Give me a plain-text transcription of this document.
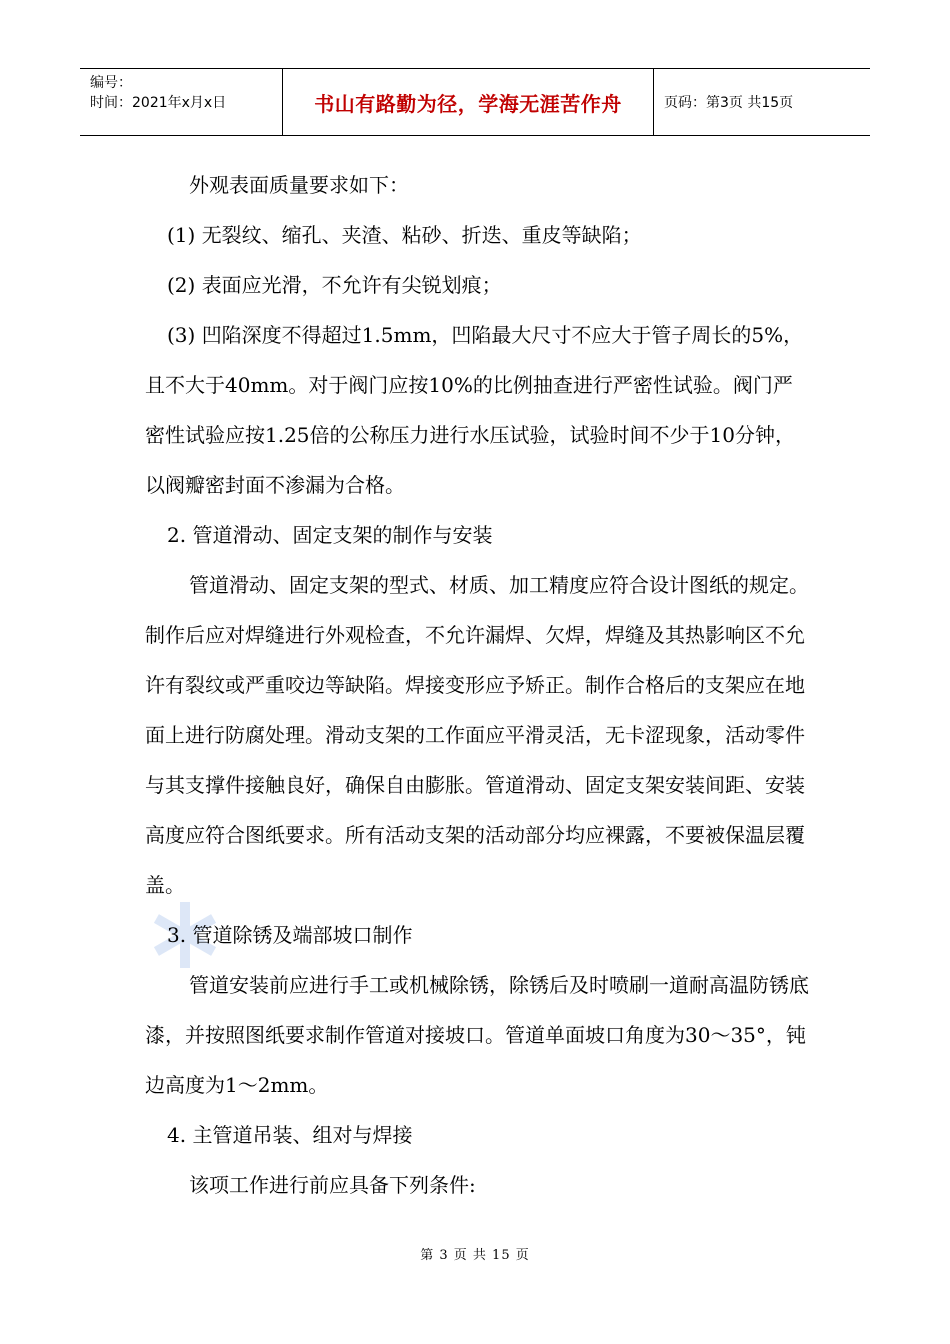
编号：
时间：2021年x月x日	书山有路勤为径，学海无涯苦作舟	页码：第3页 共15页

外观表面质量要求如下：

(1) 无裂纹、缩孔、夹渣、粘砂、折迭、重皮等缺陷；

(2) 表面应光滑，不允许有尖锐划痕；

(3) 凹陷深度不得超过1.5mm，凹陷最大尺寸不应大于管子周长的5%，且不大于40mm。对于阀门应按10%的比例抽查进行严密性试验。阀门严密性试验应按1.25倍的公称压力进行水压试验，试验时间不少于10分钟，以阀瓣密封面不渗漏为合格。

2. 管道滑动、固定支架的制作与安装

管道滑动、固定支架的型式、材质、加工精度应符合设计图纸的规定。制作后应对焊缝进行外观检查，不允许漏焊、欠焊，焊缝及其热影响区不允许有裂纹或严重咬边等缺陷。焊接变形应予矫正。制作合格后的支架应在地面上进行防腐处理。滑动支架的工作面应平滑灵活，无卡涩现象，活动零件与其支撑件接触良好，确保自由膨胀。管道滑动、固定支架安装间距、安装高度应符合图纸要求。所有活动支架的活动部分均应裸露，不要被保温层覆盖。

3. 管道除锈及端部坡口制作

管道安装前应进行手工或机械除锈，除锈后及时喷刷一道耐高温防锈底漆，并按照图纸要求制作管道对接坡口。管道单面坡口角度为30～35°，钝边高度为1～2mm。

4. 主管道吊装、组对与焊接

该项工作进行前应具备下列条件:

第 3 页 共 15 页
